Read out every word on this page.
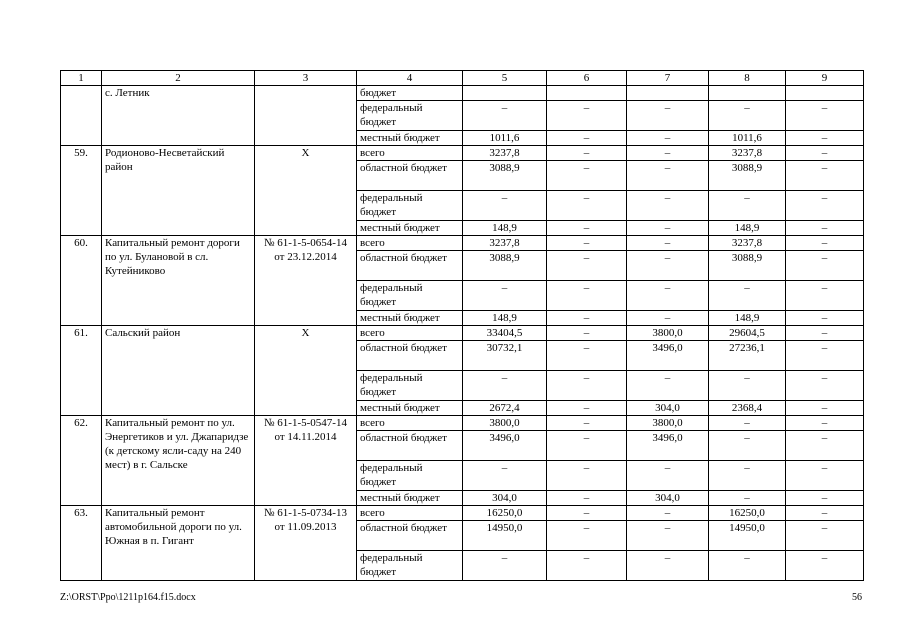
1	2	3	4	5	6	7	8	9
	с. Летник		бюджет					
			федеральный бюджет	–	–	–	–	–
			местный бюджет	1011,6	–	–	1011,6	–
59.	Родионово-Несветайский район	Х	всего	3237,8	–	–	3237,8	–
			областной бюджет	3088,9	–	–	3088,9	–
			федеральный бюджет	–	–	–	–	–
			местный бюджет	148,9	–	–	148,9	–
60.	Капитальный ремонт дороги по ул. Булановой в сл. Кутейниково	№ 61-1-5-0654-14 от 23.12.2014	всего	3237,8	–	–	3237,8	–
			областной бюджет	3088,9	–	–	3088,9	–
			федеральный бюджет	–	–	–	–	–
			местный бюджет	148,9	–	–	148,9	–
61.	Сальский район	Х	всего	33404,5	–	3800,0	29604,5	–
			областной бюджет	30732,1	–	3496,0	27236,1	–
			федеральный бюджет	–	–	–	–	–
			местный бюджет	2672,4	–	304,0	2368,4	–
62.	Капитальный ремонт по ул. Энергетиков и ул. Джапаридзе (к детскому ясли-саду на 240 мест) в г. Сальске	№ 61-1-5-0547-14 от 14.11.2014	всего	3800,0	–	3800,0	–	–
			областной бюджет	3496,0	–	3496,0	–	–
			федеральный бюджет	–	–	–	–	–
			местный бюджет	304,0	–	304,0	–	–
63.	Капитальный ремонт автомобильной дороги по ул. Южная в п. Гигант	№ 61-1-5-0734-13 от 11.09.2013	всего	16250,0	–	–	16250,0	–
			областной бюджет	14950,0	–	–	14950,0	–
			федеральный бюджет	–	–	–	–	–
Z:\ORST\Ppo\1211p164.f15.docx	56
